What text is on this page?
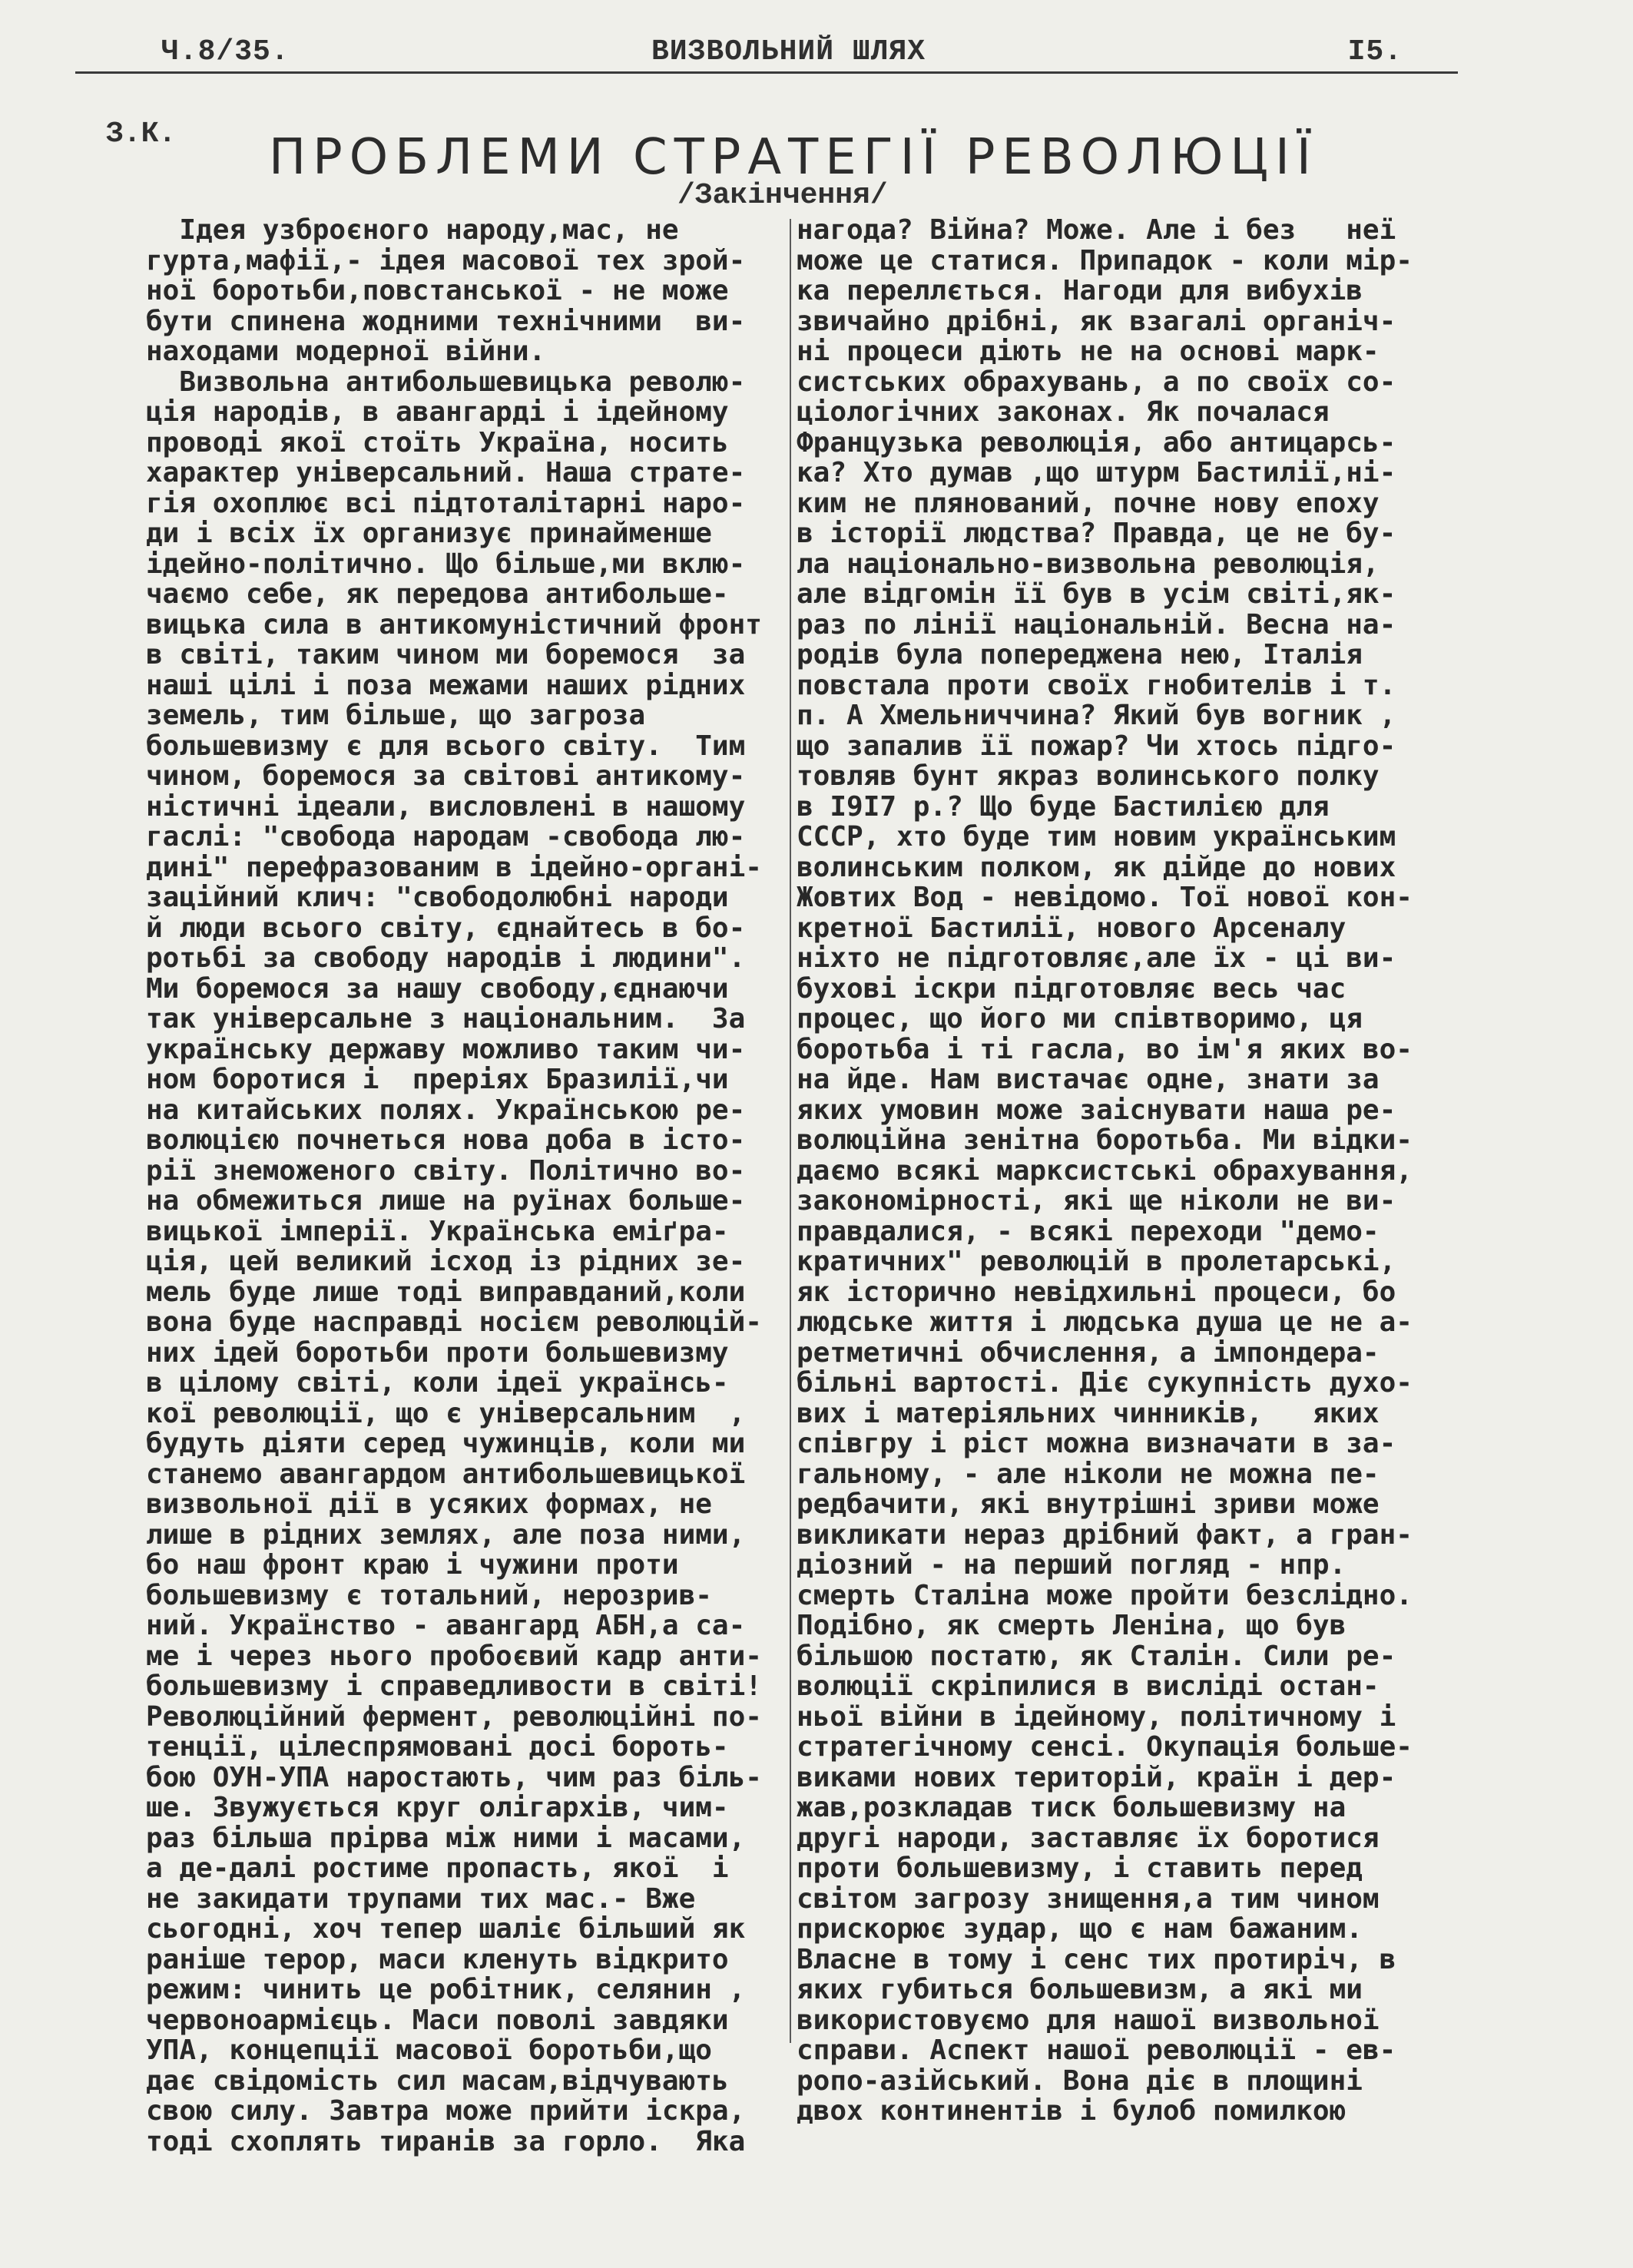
Ч.8/35.	ВИЗВОЛЬНИЙ ШЛЯХ	I5.
З.К. ПРОБЛЕМИ СТРАТЕГІЇ РЕВОЛЮЦІЇ
/Закінчення/
Ідея узброєного народу,мас, не
гурта,мафії,- ідея масової тех зрой-
ної боротьби,повстанської - не може
бути спинена жодними технічними  ви-
находами модерної війни.
Визвольна антибольшевицька револю-
ція народів, в авангарді і ідейному
проводі якої стоїть Україна, носить
характер універсальний. Наша страте-
гія охоплює всі підтоталітарні наро-
ди і всіх їх организує принайменше
ідейно-політично. Що більше,ми вклю-
чаємо себе, як передова антибольше-
вицька сила в антикомуністичний фронт
в світі, таким чином ми боремося  за
наші цілі і поза межами наших рідних
земель, тим більше, що загроза
большевизму є для всього світу.  Тим
чином, боремося за світові антикому-
ністичні ідеали, висловлені в нашому
гаслі: "свобода народам -свобода лю-
дині" перефразованим в ідейно-органі-
заційний клич: "свободолюбні народи
й люди всього світу, єднайтесь в бо-
ротьбі за свободу народів і людини".
Ми боремося за нашу свободу,єднаючи
так універсальне з національним.  За
українську державу можливо таким чи-
ном боротися і  преріях Бразилії,чи
на китайських полях. Українською ре-
волюцією почнеться нова доба в істо-
рії знеможеного світу. Політично во-
на обмежиться лише на руїнах больше-
вицької імперії. Українська еміґра-
ція, цей великий ісход із рідних зе-
мель буде лише тоді виправданий,коли
вона буде насправді носієм революцій-
них ідей боротьби проти большевизму
в цілому світі, коли ідеї українсь-
кої революції, що є універсальним  ,
будуть діяти серед чужинців, коли ми
станемо авангардом антибольшевицької
визвольної дії в усяких формах, не
лише в рідних землях, але поза ними,
бо наш фронт краю і чужини проти
большевизму є тотальний, нерозрив-
ний. Українство - авангард АБН,а са-
ме і через нього пробоєвий кадр анти-
большевизму і справедливости в світі!
Революційний фермент, революційні по-
тенції, цілеспрямовані досі бороть-
бою ОУН-УПА наростають, чим раз біль-
ше. Звужується круг олігархів, чим-
раз більша прірва між ними і масами,
а де-далі ростиме пропасть, якої  і
не закидати трупами тих мас.- Вже
сьогодні, хоч тепер шаліє більший як
раніше терор, маси кленуть відкрито
режим: чинить це робітник, селянин ,
червоноармієць. Маси поволі завдяки
УПА, концепції масової боротьби,що
дає свідомість сил масам,відчувають
свою силу. Завтра може прийти іскра,
тоді схоплять тиранів за горло.  Яка
нагода? Війна? Може. Але і без   неї
може це статися. Припадок - коли мір-
ка переллється. Нагоди для вибухів
звичайно дрібні, як взагалі органіч-
ні процеси діють не на основі марк-
систських обрахувань, а по своїх со-
ціологічних законах. Як почалася
Французька революція, або антицарсь-
ка? Хто думав ,що штурм Бастилії,ні-
ким не плянований, почне нову епоху
в історії людства? Правда, це не бу-
ла національно-визвольна революція,
але відгомін її був в усім світі,як-
раз по лінії національній. Весна на-
родів була попереджена нею, Італія
повстала проти своїх гнобителів і т.
п. А Хмельниччина? Який був вогник ,
що запалив її пожар? Чи хтось підго-
товляв бунт якраз волинського полку
в І9І7 р.? Що буде Бастилією для
СССР, хто буде тим новим українським
волинським полком, як дійде до нових
Жовтих Вод - невідомо. Тої нової кон-
кретної Бастилії, нового Арсеналу
ніхто не підготовляє,але їх - ці ви-
бухові іскри підготовляє весь час
процес, що його ми співтворимо, ця
боротьба і ті гасла, во ім'я яких во-
на йде. Нам вистачає одне, знати за
яких умовин може заіснувати наша ре-
волюційна зенітна боротьба. Ми відки-
даємо всякі марксистські обрахування,
закономірності, які ще ніколи не ви-
правдалися, - всякі переходи "демо-
кратичних" революцій в пролетарські,
як історично невідхильні процеси, бо
людське життя і людська душа це не а-
ретметичні обчислення, а імпондера-
більні вартості. Діє сукупність духо-
вих і матеріяльних чинників,   яких
співгру і ріст можна визначати в за-
гальному, - але ніколи не можна пе-
редбачити, які внутрішні зриви може
викликати нераз дрібний факт, а гран-
діозний - на перший погляд - нпр.
смерть Сталіна може пройти безслідно.
Подібно, як смерть Леніна, що був
більшою постатю, як Сталін. Сили ре-
волюції скріпилися в висліді остан-
ньої війни в ідейному, політичному і
стратегічному сенсі. Окупація больше-
виками нових територій, країн і дер-
жав,розкладав тиск большевизму на
другі народи, заставляє їх боротися
проти большевизму, і ставить перед
світом загрозу знищення,а тим чином
прискорює зудар, що є нам бажаним.
Власне в тому і сенс тих протиріч, в
яких губиться большевизм, а які ми
використовуємо для нашої визвольної
справи. Аспект нашої революції - ев-
ропо-азійський. Вона діє в площині
двох континентів і булоб помилкою
